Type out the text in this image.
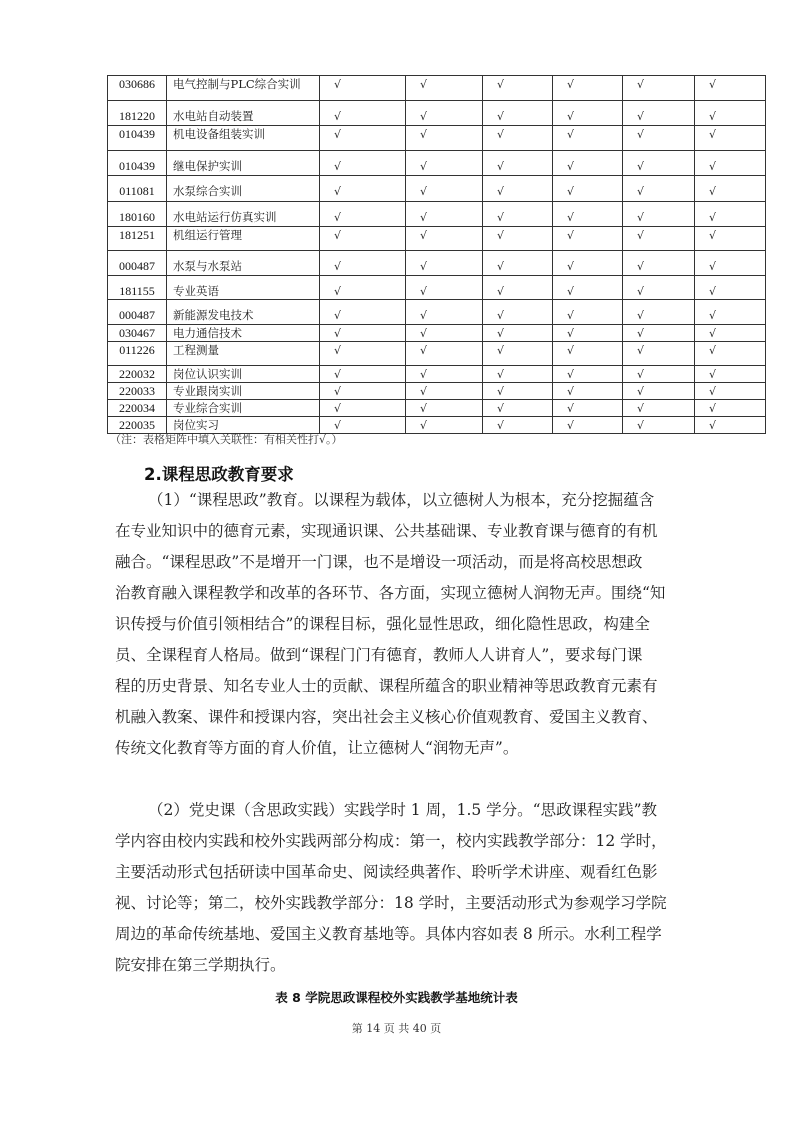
030686	电气控制与PLC综合实训	√	√	√	√	√	√

181220	水电站自动装置	√	√	√	√	√	√

010439	机电设备组装实训	√	√	√	√	√	√

010439	继电保护实训	√	√	√	√	√	√

011081	水泵综合实训	√	√	√	√	√	√

180160	水电站运行仿真实训	√	√	√	√	√	√

181251	机组运行管理	√	√	√	√	√	√

000487	水泵与水泵站	√	√	√	√	√	√

181155	专业英语	√	√	√	√	√	√

000487	新能源发电技术	√	√	√	√	√	√

030467	电力通信技术	√	√	√	√	√	√

011226	工程测量	√	√	√	√	√	√

220032	岗位认识实训	√	√	√	√	√	√

220033	专业跟岗实训	√	√	√	√	√	√

220034	专业综合实训	√	√	√	√	√	√

220035	岗位实习	√	√	√	√	√	√
（注：表格矩阵中填入关联性：有相关性打√。）
2.课程思政教育要求
（1）“课程思政”教育。以课程为载体，以立德树人为根本，充分挖掘蕴含
在专业知识中的德育元素，实现通识课、公共基础课、专业教育课与德育的有机
融合。“课程思政”不是增开一门课，也不是增设一项活动，而是将高校思想政
治教育融入课程教学和改革的各环节、各方面，实现立德树人润物无声。围绕“知
识传授与价值引领相结合”的课程目标，强化显性思政，细化隐性思政，构建全
员、全课程育人格局。做到“课程门门有德育，教师人人讲育人”，要求每门课
程的历史背景、知名专业人士的贡献、课程所蕴含的职业精神等思政教育元素有
机融入教案、课件和授课内容，突出社会主义核心价值观教育、爱国主义教育、
传统文化教育等方面的育人价值，让立德树人“润物无声”。
（2）党史课（含思政实践）实践学时 1 周，1.5 学分。“思政课程实践”教
学内容由校内实践和校外实践两部分构成：第一，校内实践教学部分：12 学时，
主要活动形式包括研读中国革命史、阅读经典著作、聆听学术讲座、观看红色影
视、讨论等；第二，校外实践教学部分：18 学时，主要活动形式为参观学习学院
周边的革命传统基地、爱国主义教育基地等。具体内容如表 8 所示。水利工程学
院安排在第三学期执行。
表 8 学院思政课程校外实践教学基地统计表
第 14 页 共 40 页
